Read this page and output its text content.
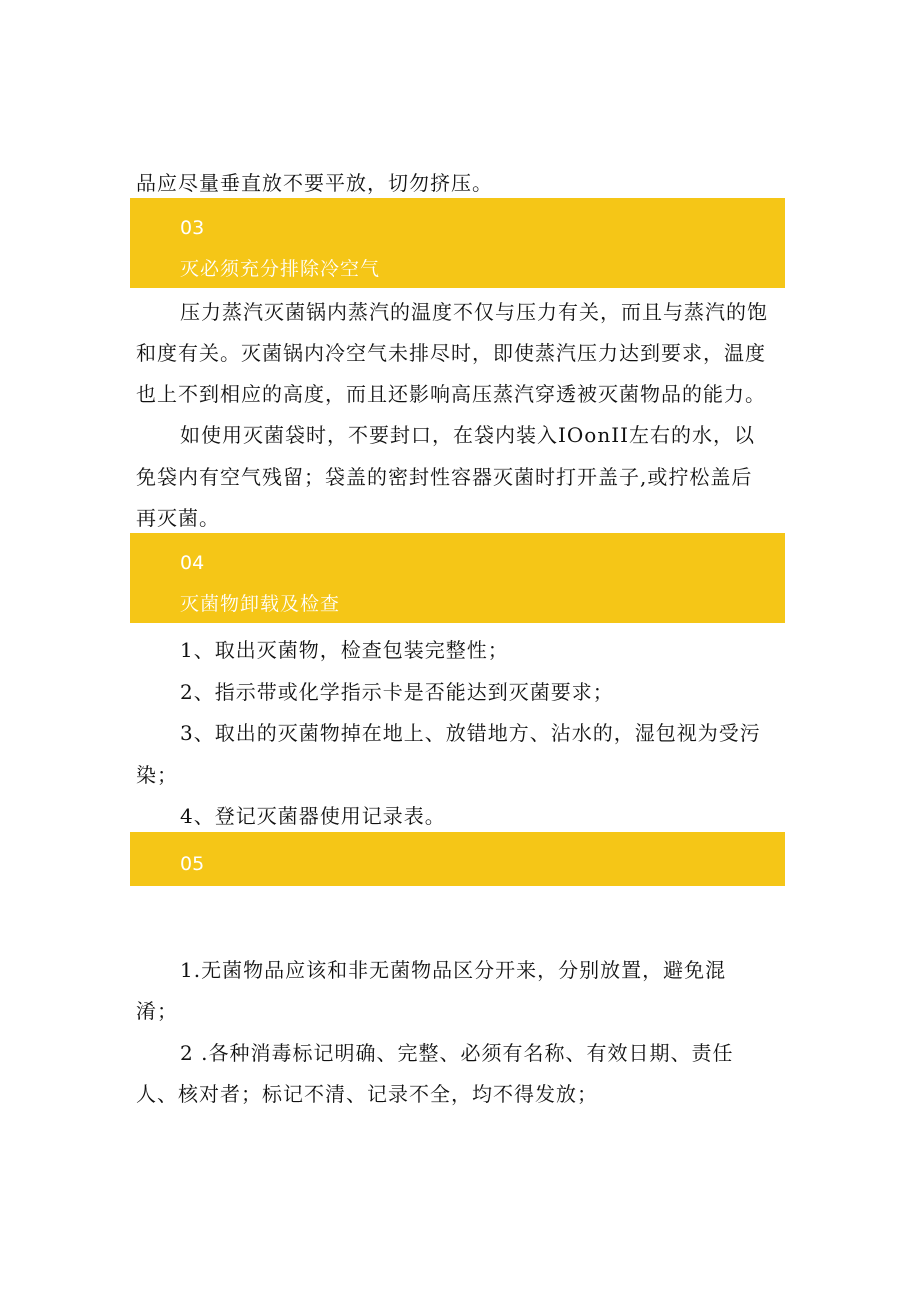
品应尽量垂直放不要平放，切勿挤压。
03
灭必须充分排除冷空气
压力蒸汽灭菌锅内蒸汽的温度不仅与压力有关，而且与蒸汽的饱
和度有关。灭菌锅内冷空气未排尽时，即使蒸汽压力达到要求，温度
也上不到相应的高度，而且还影响高压蒸汽穿透被灭菌物品的能力。
如使用灭菌袋时，不要封口，在袋内装入IOonII左右的水，以
免袋内有空气残留；袋盖的密封性容器灭菌时打开盖子,或拧松盖后
再灭菌。
04
灭菌物卸载及检查
1、取出灭菌物，检查包装完整性；
2、指示带或化学指示卡是否能达到灭菌要求；
3、取出的灭菌物掉在地上、放错地方、沾水的，湿包视为受污
染；
4、登记灭菌器使用记录表。
05
1.无菌物品应该和非无菌物品区分开来，分别放置，避免混
淆；
2 .各种消毒标记明确、完整、必须有名称、有效日期、责任
人、核对者；标记不清、记录不全，均不得发放；
